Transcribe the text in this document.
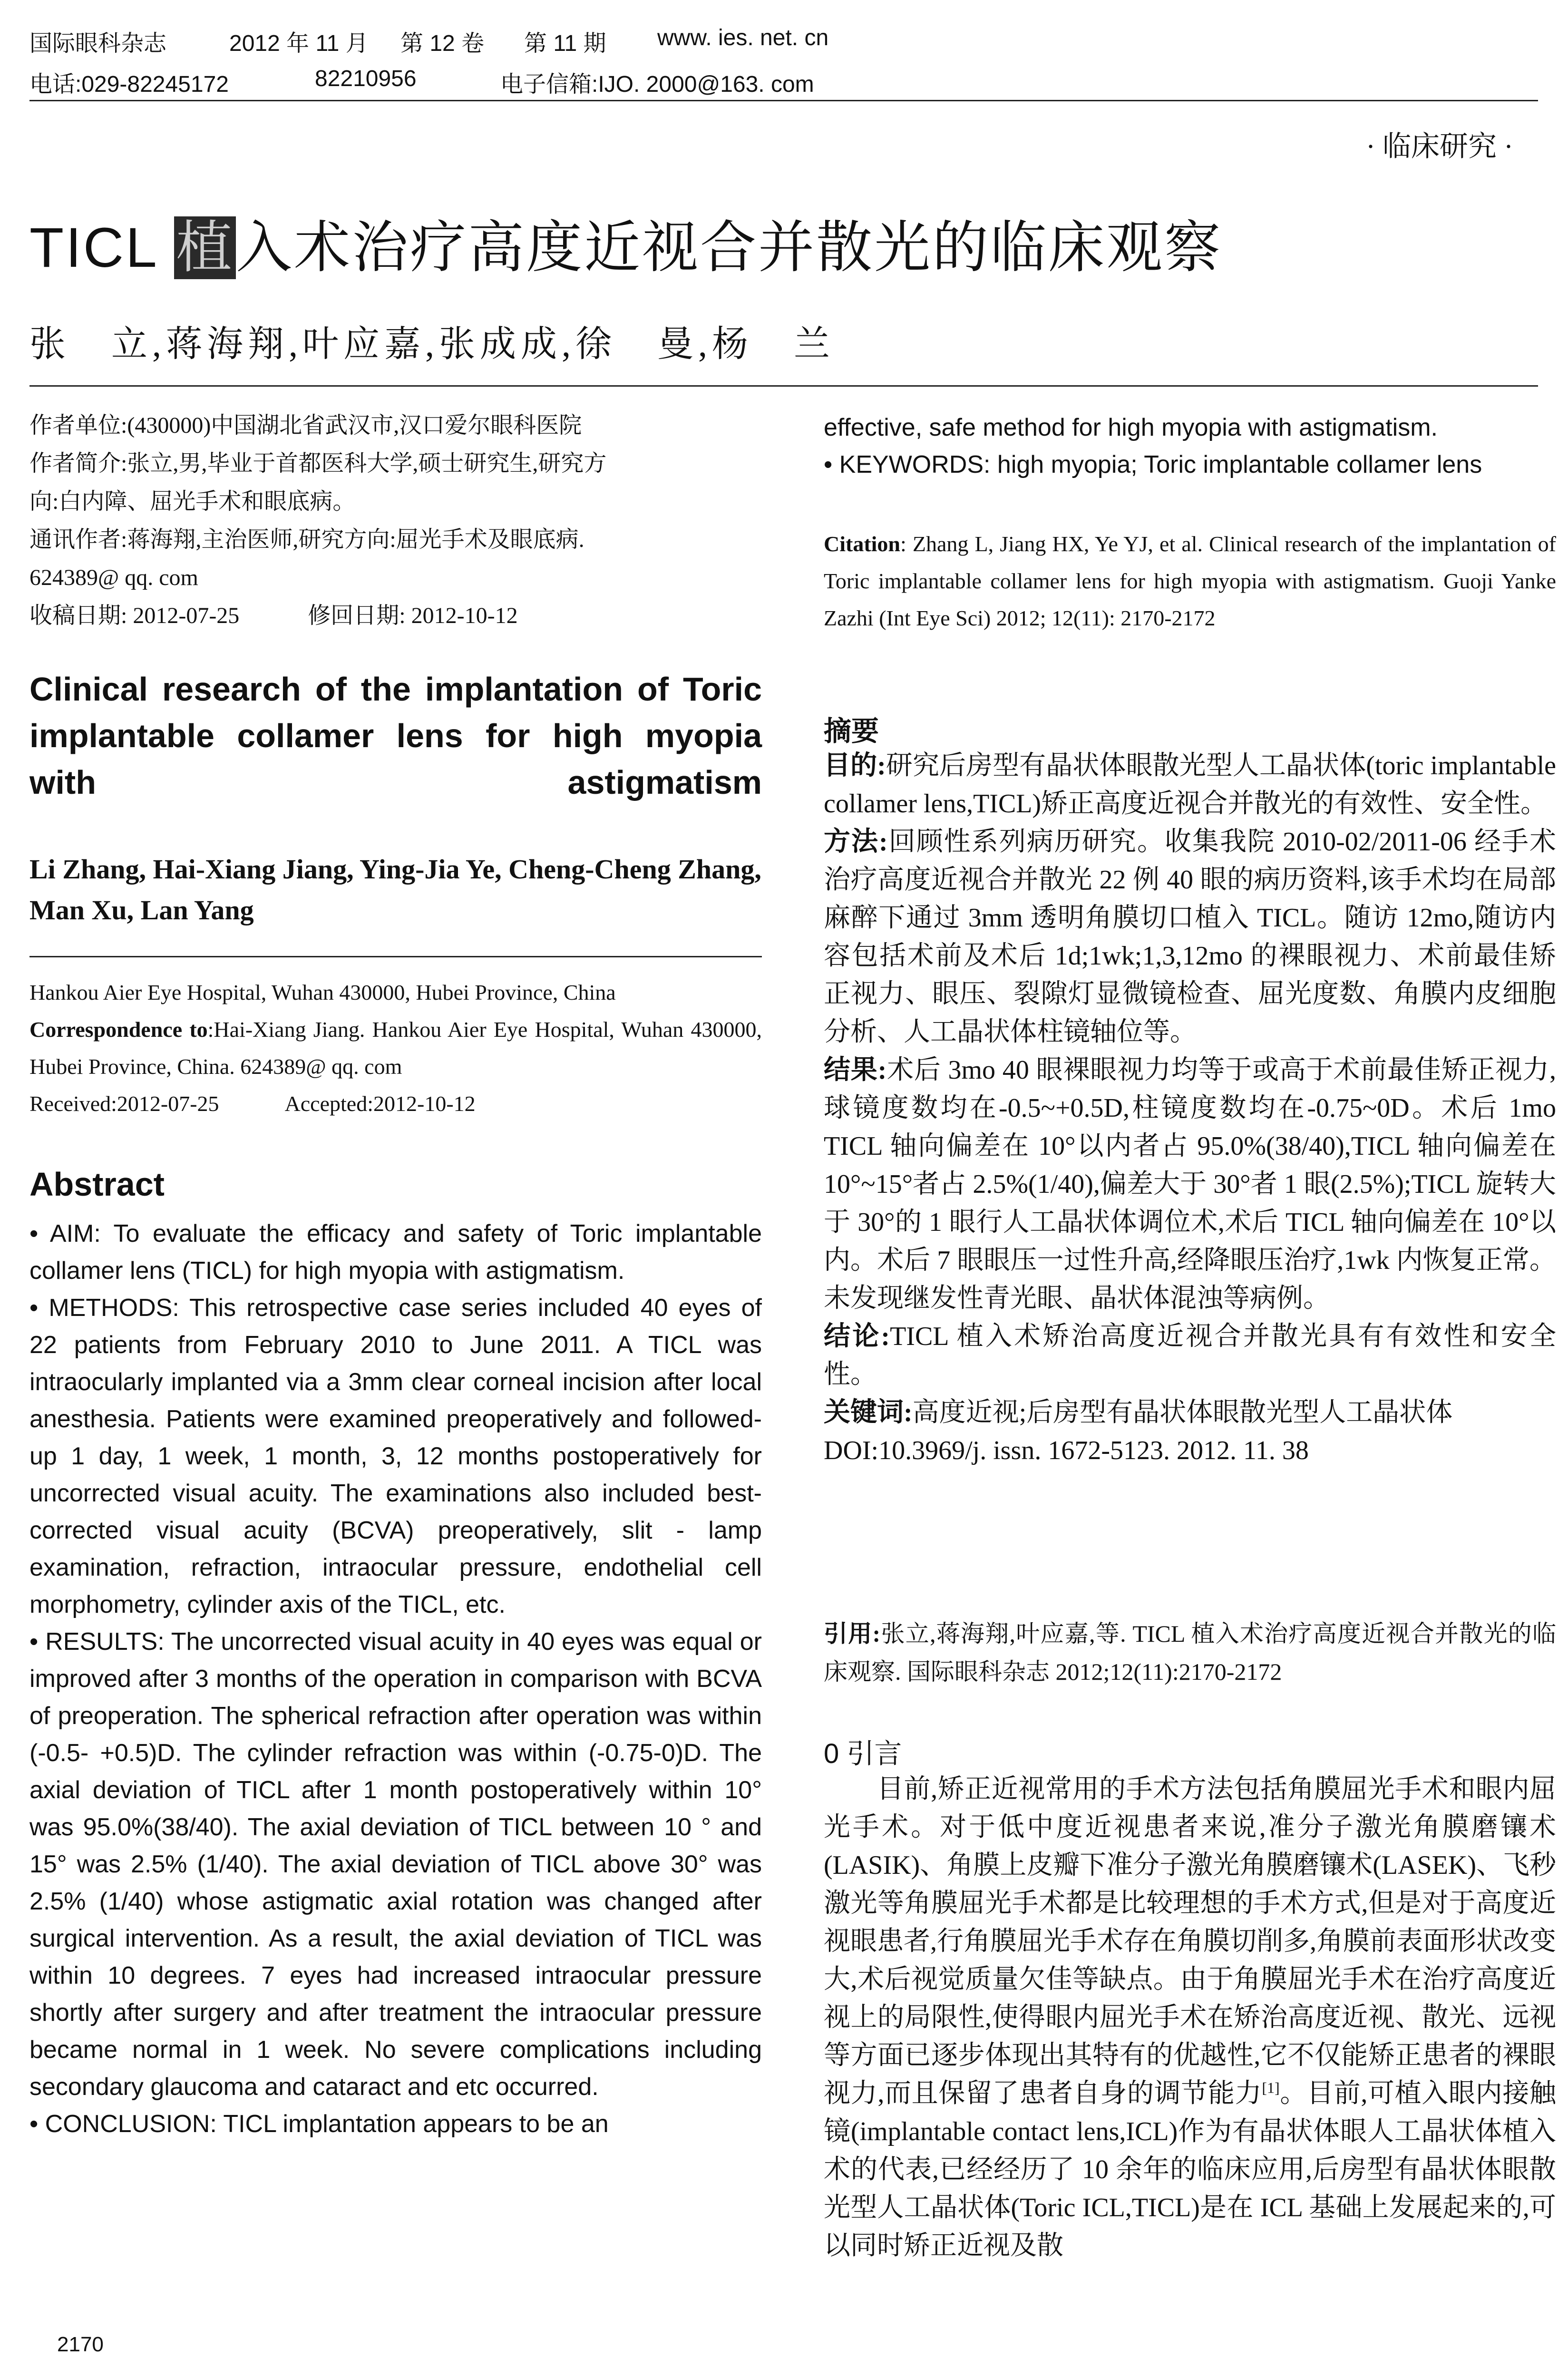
国际眼科杂志	2012 年 11 月 第 12 卷 第 11 期 www. ies. net. cn
电话:029-82245172	82210956	电子信箱:IJO. 2000@163. com
· 临床研究 ·
TICL 植入术治疗高度近视合并散光的临床观察
张　立,蒋海翔,叶应嘉,张成成,徐　曼,杨　兰

作者单位:(430000)中国湖北省武汉市,汉口爱尔眼科医院

作者简介:张立,男,毕业于首都医科大学,硕士研究生,研究方

向:白内障、屈光手术和眼底病。

通讯作者:蒋海翔,主治医师,研究方向:屈光手术及眼底病.

624389@ qq. com

收稿日期: 2012-07-25　　　修回日期: 2012-10-12

Clinical research of the implantation of Toric implantable collamer lens for high myopia with astigmatism
Li Zhang, Hai-Xiang Jiang, Ying-Jia Ye, Cheng-Cheng Zhang, Man Xu, Lan Yang
Hankou Aier Eye Hospital, Wuhan 430000, Hubei Province, China
Correspondence to:Hai-Xiang Jiang. Hankou Aier Eye Hospital, Wuhan 430000, Hubei Province, China. 624389@ qq. com
Received:2012-07-25　　　Accepted:2012-10-12
Abstract

• AIM: To evaluate the efficacy and safety of Toric implantable collamer lens (TICL) for high myopia with astigmatism.

• METHODS: This retrospective case series included 40 eyes of 22 patients from February 2010 to June 2011. A TICL was intraocularly implanted via a 3mm clear corneal incision after local anesthesia. Patients were examined preoperatively and followed-up 1 day, 1 week, 1 month, 3, 12 months postoperatively for uncorrected visual acuity. The examinations also included best-corrected visual acuity (BCVA) preoperatively, slit - lamp examination, refraction, intraocular pressure, endothelial cell morphometry, cylinder axis of the TICL, etc.

• RESULTS: The uncorrected visual acuity in 40 eyes was equal or improved after 3 months of the operation in comparison with BCVA of preoperation. The spherical refraction after operation was within (-0.5- +0.5)D. The cylinder refraction was within (-0.75-0)D. The axial deviation of TICL after 1 month postoperatively within 10° was 95.0%(38/40). The axial deviation of TICL between 10 ° and 15° was 2.5% (1/40). The axial deviation of TICL above 30° was 2.5% (1/40) whose astigmatic axial rotation was changed after surgical intervention. As a result, the axial deviation of TICL was within 10 degrees. 7 eyes had increased intraocular pressure shortly after surgery and after treatment the intraocular pressure became normal in 1 week. No severe complications including secondary glaucoma and cataract and etc occurred.

• CONCLUSION: TICL implantation appears to be an

2170

effective, safe method for high myopia with astigmatism.

• KEYWORDS: high myopia; Toric implantable collamer lens

Citation: Zhang L, Jiang HX, Ye YJ, et al. Clinical research of the implantation of Toric implantable collamer lens for high myopia with astigmatism. Guoji Yanke Zazhi (Int Eye Sci) 2012; 12(11): 2170-2172
摘要

目的:研究后房型有晶状体眼散光型人工晶状体(toric implantable collamer lens,TICL)矫正高度近视合并散光的有效性、安全性。

方法:回顾性系列病历研究。收集我院 2010-02/2011-06 经手术治疗高度近视合并散光 22 例 40 眼的病历资料,该手术均在局部麻醉下通过 3mm 透明角膜切口植入 TICL。随访 12mo,随访内容包括术前及术后 1d;1wk;1,3,12mo 的裸眼视力、术前最佳矫正视力、眼压、裂隙灯显微镜检查、屈光度数、角膜内皮细胞分析、人工晶状体柱镜轴位等。

结果:术后 3mo 40 眼裸眼视力均等于或高于术前最佳矫正视力,球镜度数均在-0.5~+0.5D,柱镜度数均在-0.75~0D。术后 1mo TICL 轴向偏差在 10°以内者占 95.0%(38/40),TICL 轴向偏差在 10°~15°者占 2.5%(1/40),偏差大于 30°者 1 眼(2.5%);TICL 旋转大于 30°的 1 眼行人工晶状体调位术,术后 TICL 轴向偏差在 10°以内。术后 7 眼眼压一过性升高,经降眼压治疗,1wk 内恢复正常。未发现继发性青光眼、晶状体混浊等病例。

结论:TICL 植入术矫治高度近视合并散光具有有效性和安全性。

关键词:高度近视;后房型有晶状体眼散光型人工晶状体

DOI:10.3969/j. issn. 1672-5123. 2012. 11. 38

引用:张立,蒋海翔,叶应嘉,等. TICL 植入术治疗高度近视合并散光的临床观察. 国际眼科杂志 2012;12(11):2170-2172
0 引言

目前,矫正近视常用的手术方法包括角膜屈光手术和眼内屈光手术。对于低中度近视患者来说,准分子激光角膜磨镶术(LASIK)、角膜上皮瓣下准分子激光角膜磨镶术(LASEK)、飞秒激光等角膜屈光手术都是比较理想的手术方式,但是对于高度近视眼患者,行角膜屈光手术存在角膜切削多,角膜前表面形状改变大,术后视觉质量欠佳等缺点。由于角膜屈光手术在治疗高度近视上的局限性,使得眼内屈光手术在矫治高度近视、散光、远视等方面已逐步体现出其特有的优越性,它不仅能矫正患者的裸眼视力,而且保留了患者自身的调节能力[1]。目前,可植入眼内接触镜(implantable contact lens,ICL)作为有晶状体眼人工晶状体植入术的代表,已经经历了 10 余年的临床应用,后房型有晶状体眼散光型人工晶状体(Toric ICL,TICL)是在 ICL 基础上发展起来的,可以同时矫正近视及散
